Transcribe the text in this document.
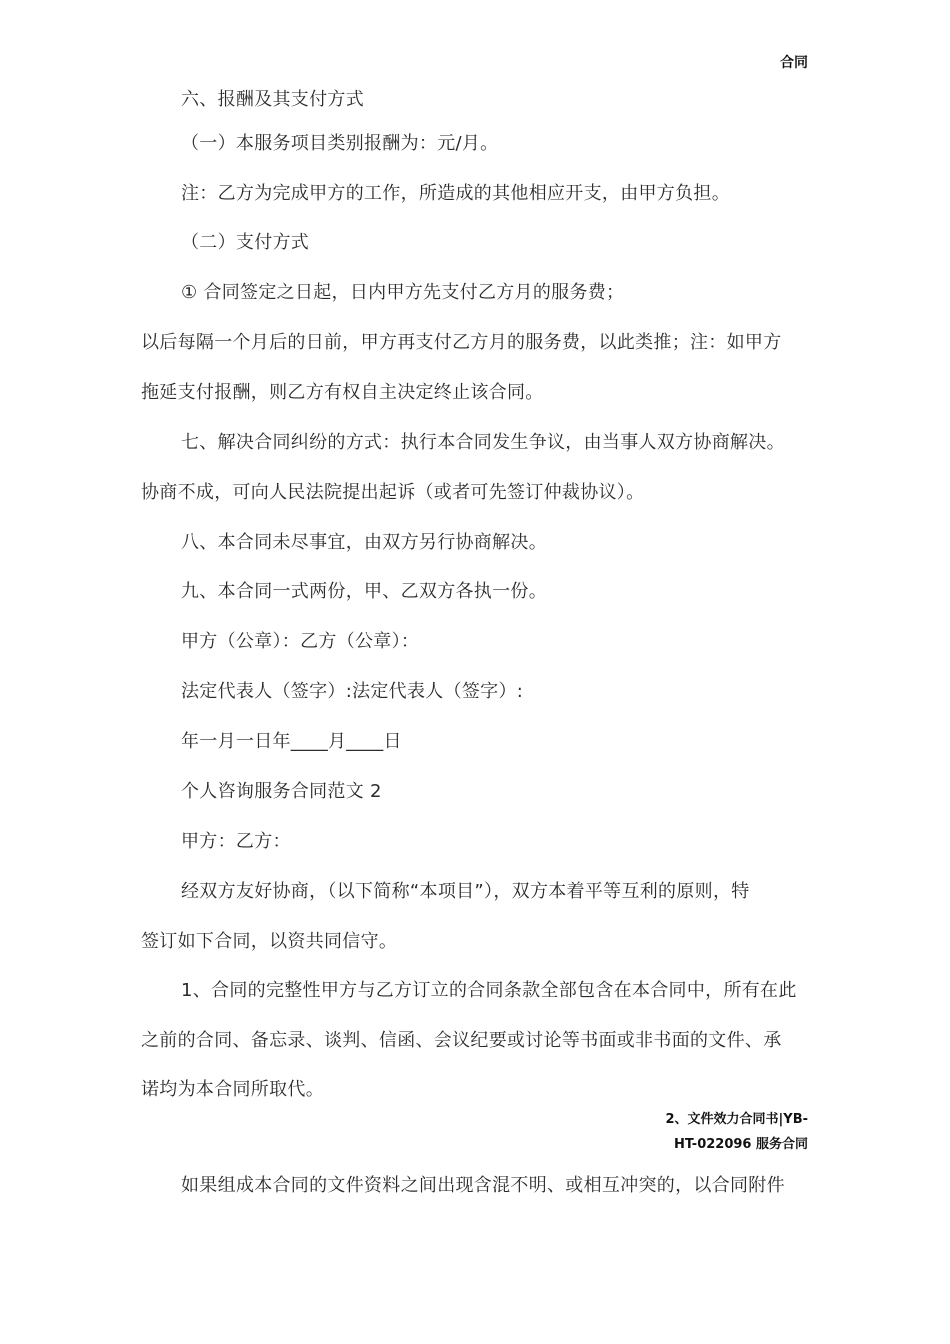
合同
六、报酬及其支付方式
（一）本服务项目类别报酬为：元/月。
注：乙方为完成甲方的工作，所造成的其他相应开支，由甲方负担。
（二）支付方式
① 合同签定之日起，日内甲方先支付乙方月的服务费；
以后每隔一个月后的日前，甲方再支付乙方月的服务费，以此类推；注：如甲方
拖延支付报酬，则乙方有权自主决定终止该合同。
七、解决合同纠纷的方式：执行本合同发生争议，由当事人双方协商解决。
协商不成，可向人民法院提出起诉（或者可先签订仲裁协议）。
八、本合同未尽事宜，由双方另行协商解决。
九、本合同一式两份，甲、乙双方各执一份。
甲方（公章）：乙方（公章）：
法定代表人（签字）:法定代表人（签字）:
年一月一日年____月____日
个人咨询服务合同范文 2
甲方：乙方：
经双方友好协商，（以下简称“本项目”），双方本着平等互利的原则，特
签订如下合同，以资共同信守。
1、合同的完整性甲方与乙方订立的合同条款全部包含在本合同中，所有在此
之前的合同、备忘录、谈判、信函、会议纪要或讨论等书面或非书面的文件、承
诺均为本合同所取代。
如果组成本合同的文件资料之间出现含混不明、或相互冲突的，以合同附件
2、文件效力合同书|YB-
HT-022096 服务合同
